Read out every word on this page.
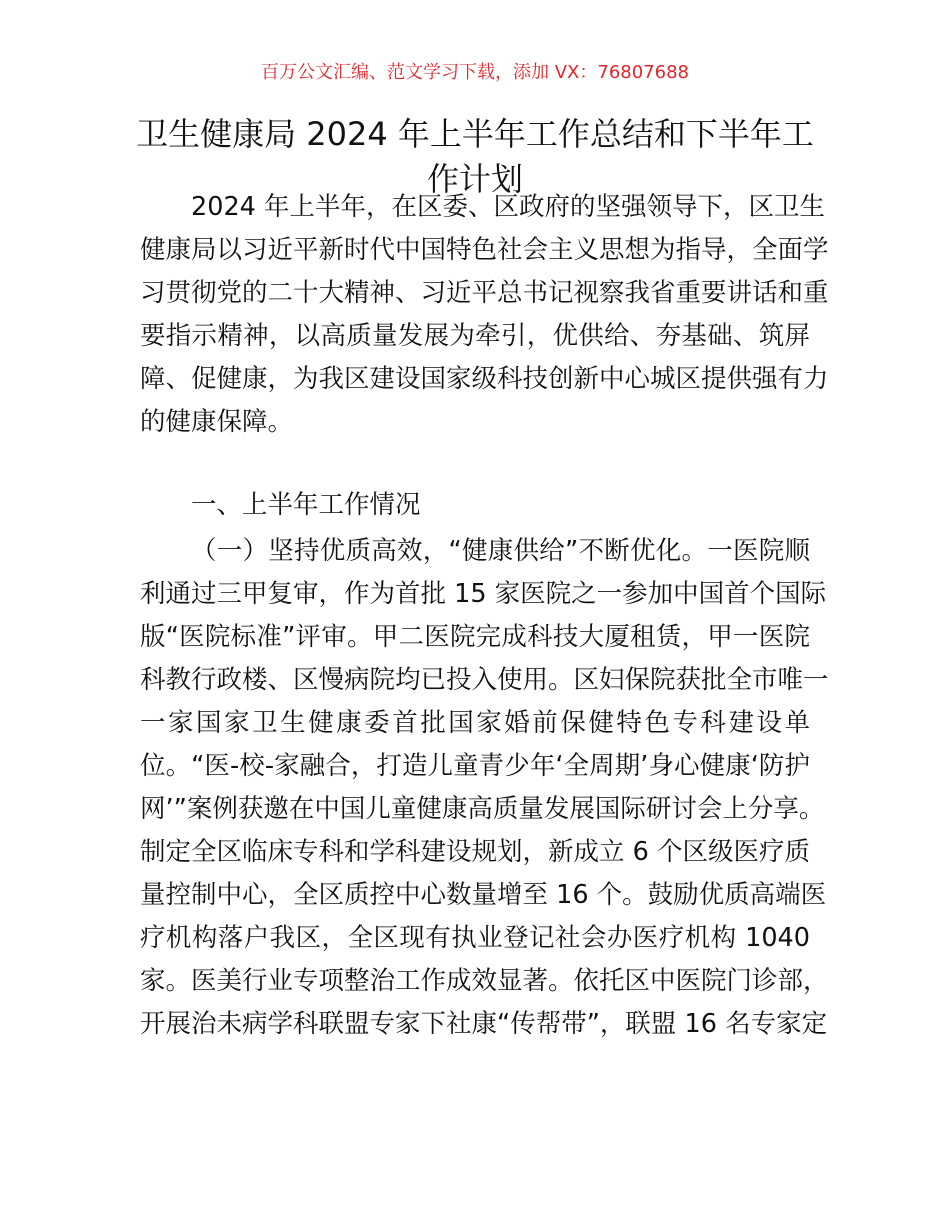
百万公文汇编、范文学习下载，添加 VX：76807688
卫生健康局 2024 年上半年工作总结和下半年工
作计划
2024 年上半年，在区委、区政府的坚强领导下，区卫生
健康局以习近平新时代中国特色社会主义思想为指导，全面学
习贯彻党的二十大精神、习近平总书记视察我省重要讲话和重
要指示精神，以高质量发展为牵引，优供给、夯基础、筑屏
障、促健康，为我区建设国家级科技创新中心城区提供强有力
的健康保障。
一、上半年工作情况
（一）坚持优质高效，“健康供给”不断优化。一医院顺
利通过三甲复审，作为首批 15 家医院之一参加中国首个国际
版“医院标准”评审。甲二医院完成科技大厦租赁，甲一医院
科教行政楼、区慢病院均已投入使用。区妇保院获批全市唯一
一家国家卫生健康委首批国家婚前保健特色专科建设单
位。“医-校-家融合，打造儿童青少年‘全周期’身心健康‘防护
网’”案例获邀在中国儿童健康高质量发展国际研讨会上分享。
制定全区临床专科和学科建设规划，新成立 6 个区级医疗质
量控制中心，全区质控中心数量增至 16 个。鼓励优质高端医
疗机构落户我区，全区现有执业登记社会办医疗机构 1040
家。医美行业专项整治工作成效显著。依托区中医院门诊部，
开展治未病学科联盟专家下社康“传帮带”，联盟 16 名专家定
